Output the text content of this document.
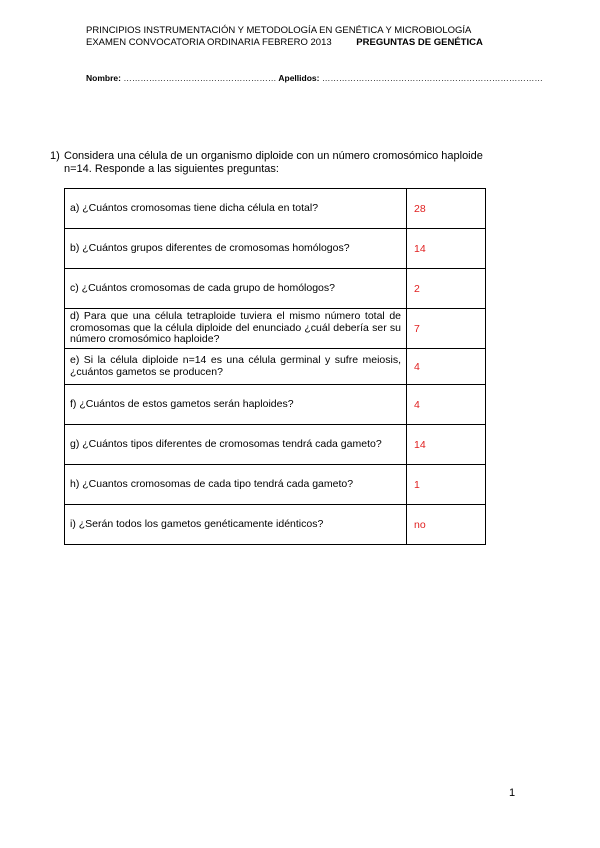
PRINCIPIOS INSTRUMENTACIÓN Y METODOLOGÍA EN GENÉTICA Y MICROBIOLOGÍA
EXAMEN CONVOCATORIA ORDINARIA FEBRERO 2013	PREGUNTAS DE GENÉTICA
Nombre: ……………………………………………… Apellidos: ……………………………………………………………………
1) Considera una célula de un organismo diploide con un número cromosómico haploide n=14. Responde a las siguientes preguntas:
a) ¿Cuántos cromosomas tiene dicha célula en total?	28
b) ¿Cuántos grupos diferentes de cromosomas homólogos?	14
c) ¿Cuántos cromosomas de cada grupo de homólogos?	2
d) Para que una célula tetraploide tuviera el mismo número total de cromosomas que la célula diploide del enunciado ¿cuál debería ser su número cromosómico haploide?	7
e) Si la célula diploide n=14 es una célula germinal y sufre meiosis, ¿cuántos gametos se producen?	4
f) ¿Cuántos de estos gametos serán haploides?	4
g) ¿Cuántos tipos diferentes de cromosomas tendrá cada gameto?	14
h) ¿Cuantos cromosomas de cada tipo tendrá cada gameto?	1
i) ¿Serán todos los gametos genéticamente idénticos?	no
1
